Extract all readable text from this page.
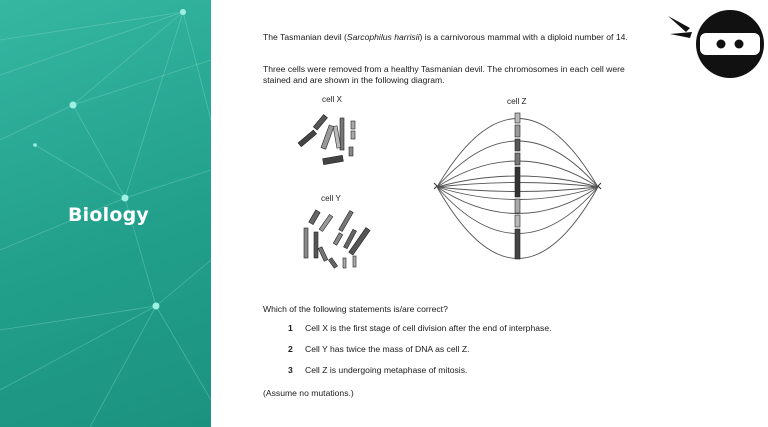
Biology
The Tasmanian devil (Sarcophilus harrisii) is a carnivorous mammal with a diploid number of 14.
Three cells were removed from a healthy Tasmanian devil. The chromosomes in each cell were stained and are shown in the following diagram.
cell X
cell Y
cell Z
Which of the following statements is/are correct?
1 Cell X is the first stage of cell division after the end of interphase.
2 Cell Y has twice the mass of DNA as cell Z.
3 Cell Z is undergoing metaphase of mitosis.
(Assume no mutations.)
